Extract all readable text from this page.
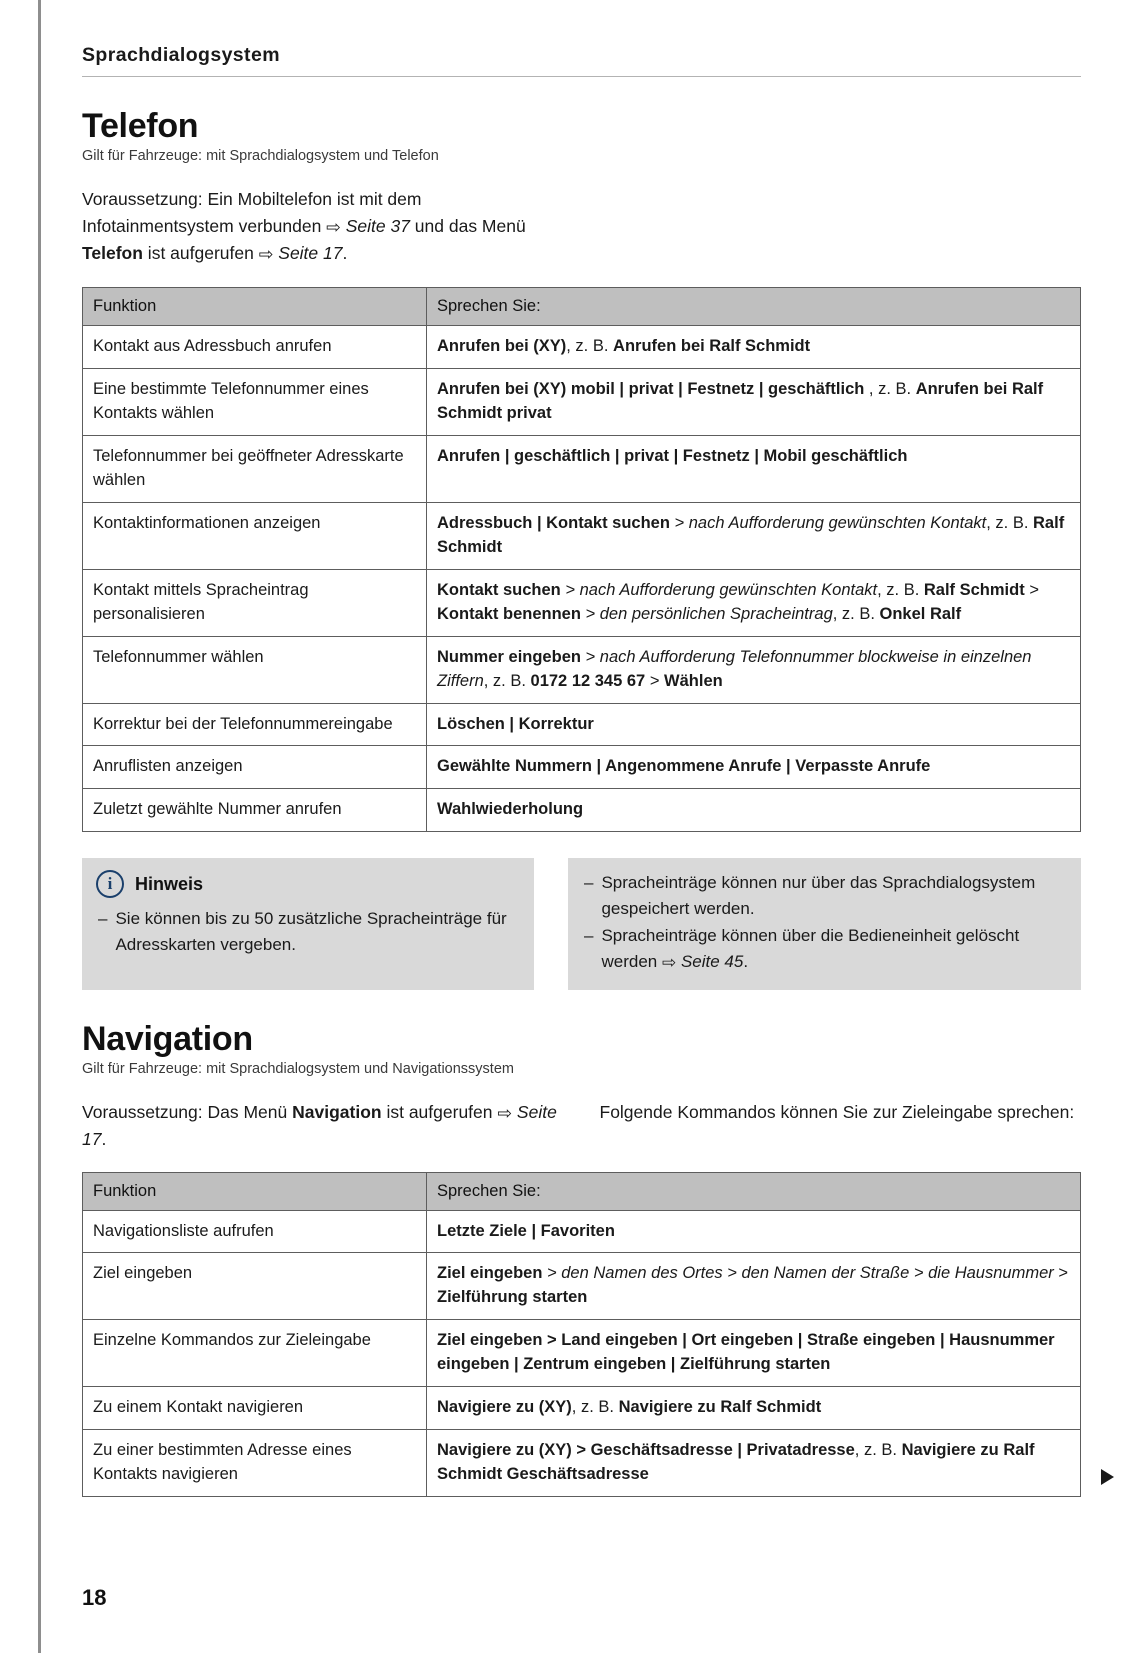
Sprachdialogsystem
Telefon
Gilt für Fahrzeuge: mit Sprachdialogsystem und Telefon

Voraussetzung: Ein Mobiltelefon ist mit dem Infotainmentsystem verbunden ⇨ Seite 37 und das Menü Telefon ist aufgerufen ⇨ Seite 17.

Funktion	Sprechen Sie:
Kontakt aus Adressbuch anrufen	Anrufen bei (XY), z. B. Anrufen bei Ralf Schmidt
Eine bestimmte Telefonnummer eines Kontakts wählen	Anrufen bei (XY) mobil | privat | Festnetz | geschäftlich , z. B. Anrufen bei Ralf Schmidt privat
Telefonnummer bei geöffneter Adresskarte wählen	Anrufen | geschäftlich | privat | Festnetz | Mobil geschäftlich
Kontaktinformationen anzeigen	Adressbuch | Kontakt suchen > nach Aufforderung gewünschten Kontakt, z. B. Ralf Schmidt
Kontakt mittels Spracheintrag personalisieren	Kontakt suchen > nach Aufforderung gewünschten Kontakt, z. B. Ralf Schmidt > Kontakt benennen > den persönlichen Spracheintrag, z. B. Onkel Ralf
Telefonnummer wählen	Nummer eingeben > nach Aufforderung Telefonnummer blockweise in einzelnen Ziffern, z. B. 0172 12 345 67 > Wählen
Korrektur bei der Telefonnummereingabe	Löschen | Korrektur
Anruflisten anzeigen	Gewählte Nummern | Angenommene Anrufe | Verpasste Anrufe
Zuletzt gewählte Nummer anrufen	Wahlwiederholung
i	Hinweis
– Sie können bis zu 50 zusätzliche Spracheinträge für Adresskarten vergeben.
– Spracheinträge können nur über das Sprachdialogsystem gespeichert werden.
– Spracheinträge können über die Bedieneinheit gelöscht werden ⇨ Seite 45.
Navigation
Gilt für Fahrzeuge: mit Sprachdialogsystem und Navigationssystem
Voraussetzung: Das Menü Navigation ist aufgerufen ⇨ Seite 17.
Folgende Kommandos können Sie zur Zieleingabe sprechen:
Funktion	Sprechen Sie:
Navigationsliste aufrufen	Letzte Ziele | Favoriten
Ziel eingeben	Ziel eingeben > den Namen des Ortes > den Namen der Straße > die Hausnummer > Zielführung starten
Einzelne Kommandos zur Zieleingabe	Ziel eingeben > Land eingeben | Ort eingeben | Straße eingeben | Hausnummer eingeben | Zentrum eingeben | Zielführung starten
Zu einem Kontakt navigieren	Navigiere zu (XY), z. B. Navigiere zu Ralf Schmidt
Zu einer bestimmten Adresse eines Kontakts navigieren	Navigiere zu (XY) > Geschäftsadresse | Privatadresse, z. B. Navigiere zu Ralf Schmidt Geschäftsadresse
18
